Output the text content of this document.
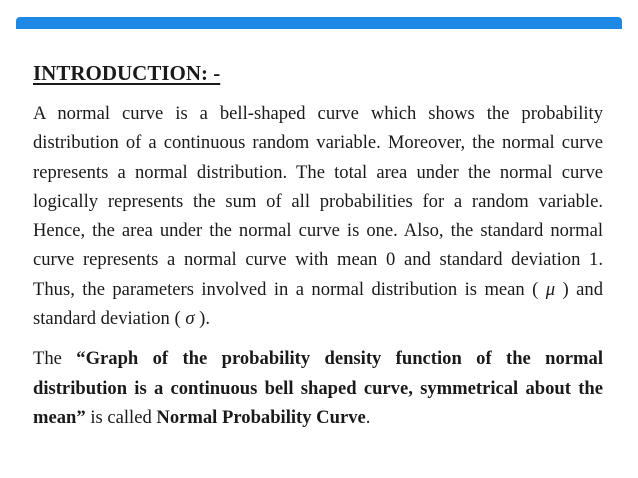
INTRODUCTION: -

A normal curve is a bell-shaped curve which shows the probability distribution of a continuous random variable. Moreover, the normal curve represents a normal distribution. The total area under the normal curve logically represents the sum of all probabilities for a random variable. Hence, the area under the normal curve is one. Also, the standard normal curve represents a normal curve with mean 0 and standard deviation 1. Thus, the parameters involved in a normal distribution is mean ( μ ) and standard deviation ( σ ).

The “Graph of the probability density function of the normal distribution is a continuous bell shaped curve, symmetrical about the mean” is called Normal Probability Curve.
